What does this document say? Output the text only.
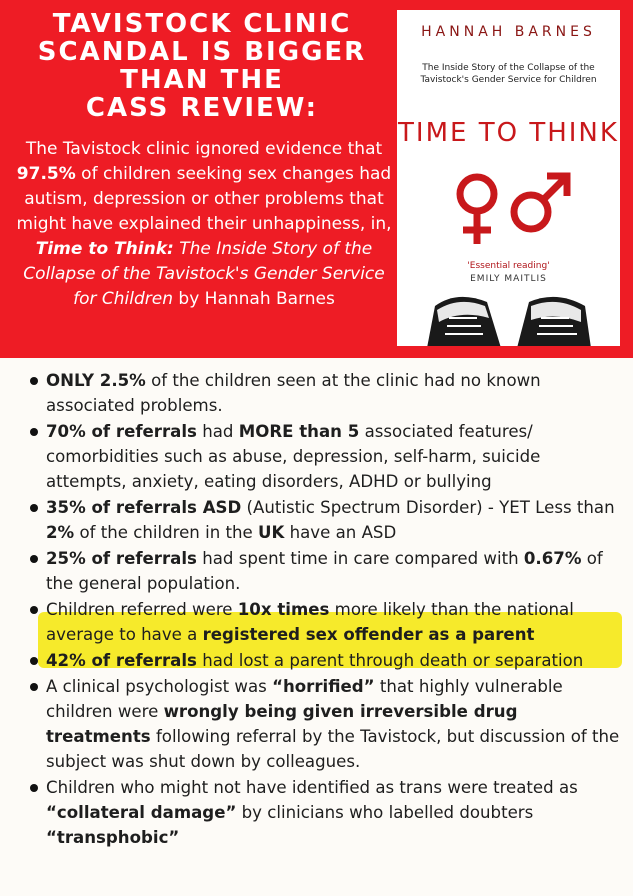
TAVISTOCK CLINIC
SCANDAL IS BIGGER
THAN THE
CASS REVIEW:
The Tavistock clinic ignored evidence that 97.5% of children seeking sex changes had autism, depression or other problems that might have explained their unhappiness, in, Time to Think: The Inside Story of the Collapse of the Tavistock's Gender Service for Children by Hannah Barnes
HANNAH BARNES
The Inside Story of the Collapse of the Tavistock's Gender Service for Children
TIME TO THINK
'Essential reading'
EMILY MAITLIS
ONLY 2.5% of the children seen at the clinic had no known associated problems.
70% of referrals had MORE than 5 associated features/ comorbidities such as abuse, depression, self-harm, suicide attempts, anxiety, eating disorders, ADHD or bullying
35% of referrals ASD (Autistic Spectrum Disorder) - YET Less than 2% of the children in the UK have an ASD
25% of referrals had spent time in care compared with 0.67% of the general population.
Children referred were 10x times more likely than the national average to have a registered sex offender as a parent
42% of referrals had lost a parent through death or separation
A clinical psychologist was “horrified” that highly vulnerable children were wrongly being given irreversible drug treatments following referral by the Tavistock, but discussion of the subject was shut down by colleagues.
Children who might not have identified as trans were treated as “collateral damage” by clinicians who labelled doubters “transphobic”
